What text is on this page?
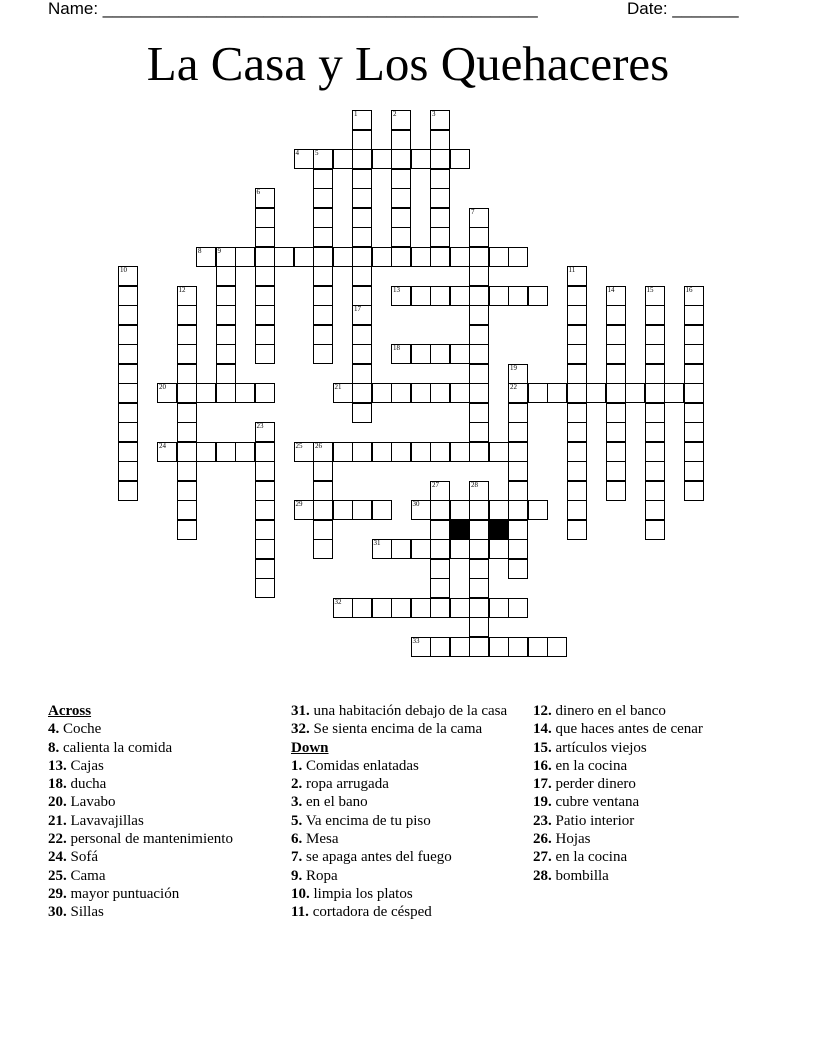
Name: ______________________________________________	Date: _______
La Casa y Los Quehaceres
1
17
2	3
4 5
6
7
8 9
10	11
12	13	14	15	16
18
19
22
20	21
23
24	25 26
27	28
29	30
31
32
33
Across
4. Coche
8. calienta la comida
13. Cajas
18. ducha
20. Lavabo
21. Lavavajillas
22. personal de mantenimiento
24. Sofá
25. Cama
29. mayor puntuación
30. Sillas
31. una habitación debajo de la casa
32. Se sienta encima de la cama
Down
1. Comidas enlatadas
2. ropa arrugada
3. en el bano
5. Va encima de tu piso
6. Mesa
7. se apaga antes del fuego
9. Ropa
10. limpia los platos
11. cortadora de césped
12. dinero en el banco
14. que haces antes de cenar
15. artículos viejos
16. en la cocina
17. perder dinero
19. cubre ventana
23. Patio interior
26. Hojas
27. en la cocina
28. bombilla
